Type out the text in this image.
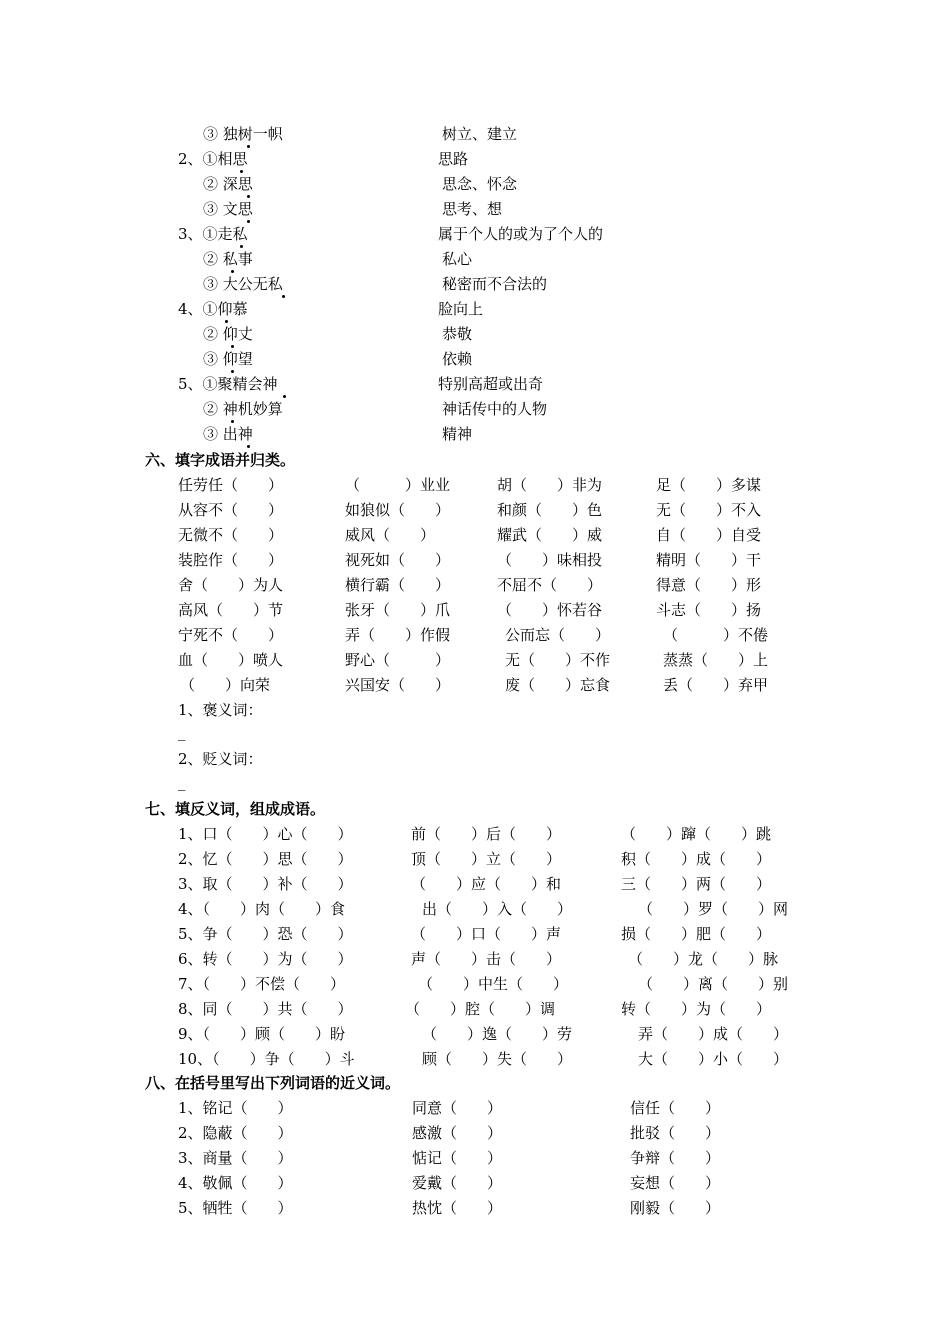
③ 独树一帜	树立、建立
2、①相思	思路
② 深思	思念、怀念
③ 文思	思考、想
3、①走私	属于个人的或为了个人的
② 私事	私心
③ 大公无私	秘密而不合法的
4、①仰慕	脸向上
② 仰丈	恭敬
③ 仰望	依赖
5、①聚精会神	特别高超或出奇
② 神机妙算	神话传中的人物
③ 出神	精神
六、填字成语并归类。
任劳任（　　）	（　　　）业业	胡（　　）非为	足（　　）多谋
从容不（　　）	如狼似（　　）	和颜（　　）色	无（　　）不入
无微不（　　）	威风（　　）	耀武（　　）威	自（　　）自受
装腔作（　　）	视死如（　　）	（　　）味相投	精明（　　）干
舍（　　）为人	横行霸（　　）	不屈不（　　）	得意（　　）形
高风（　　）节	张牙（　　）爪	（　　）怀若谷	斗志（　　）扬
宁死不（　　）	弄（　　）作假	公而忘（　　）	（　　　）不倦
血（　　）喷人	野心（　　　）	无（　　）不作	蒸蒸（　　）上
（　　）向荣	兴国安（　　）	废（　　）忘食	丢（　　）弃甲
1、褒义词：
_
2、贬义词：
_
七、填反义词，组成成语。
1、口（　　）心（　　）	前（　　）后（　　）	（　　）蹿（　　）跳
2、忆（　　）思（　　）	顶（　　）立（　　）	积（　　）成（　　）
3、取（　　）补（　　）	（　　）应（　　）和	三（　　）两（　　）
4、（　　）肉（　　）食	出（　　）入（　　）	（　　）罗（　　）网
5、争（　　）恐（　　）	（　　）口（　　）声	损（　　）肥（　　）
6、转（　　）为（　　）	声（　　）击（　　）	（　　）龙（　　）脉
7、（　　）不偿（　　）	（　　）中生（　　）	（　　）离（　　）别
8、同（　　）共（　　）	（　　）腔（　　）调	转（　　）为（　　）
9、（　　）顾（　　）盼	（　　）逸（　　）劳	弄（　　）成（　　）
10、（　　）争（　　）斗	顾（　　）失（　　）	大（　　）小（　　）
八、在括号里写出下列词语的近义词。
1、铭记（　　）	同意（　　）	信任（　　）
2、隐蔽（　　）	感激（　　）	批驳（　　）
3、商量（　　）	惦记（　　）	争辩（　　）
4、敬佩（　　）	爱戴（　　）	妄想（　　）
5、牺牲（　　）	热忱（　　）	刚毅（　　）
